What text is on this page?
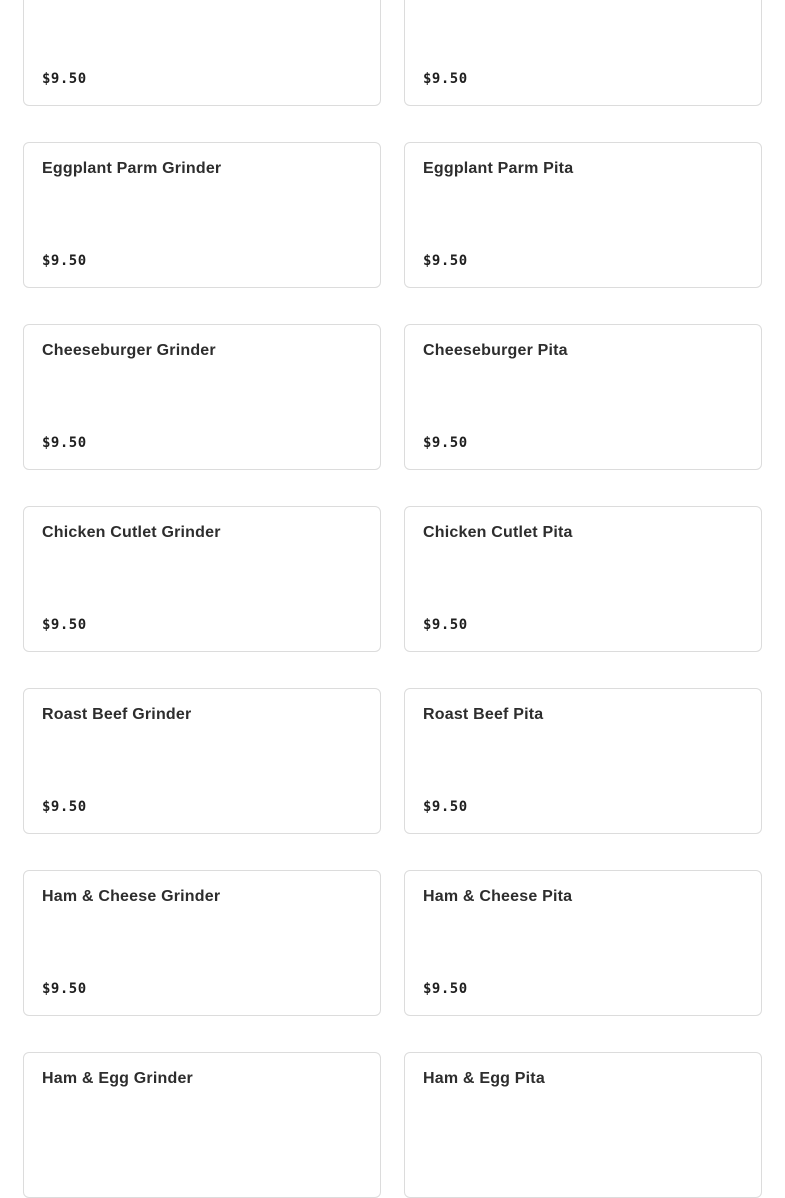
$9.50	$9.50
Eggplant Parm Grinder
$9.50
Eggplant Parm Pita
$9.50
Cheeseburger Grinder
$9.50
Cheeseburger Pita
$9.50
Chicken Cutlet Grinder
$9.50
Chicken Cutlet Pita
$9.50
Roast Beef Grinder
$9.50
Roast Beef Pita
$9.50
Ham & Cheese Grinder
$9.50
Ham & Cheese Pita
$9.50
Ham & Egg Grinder	Ham & Egg Pita
